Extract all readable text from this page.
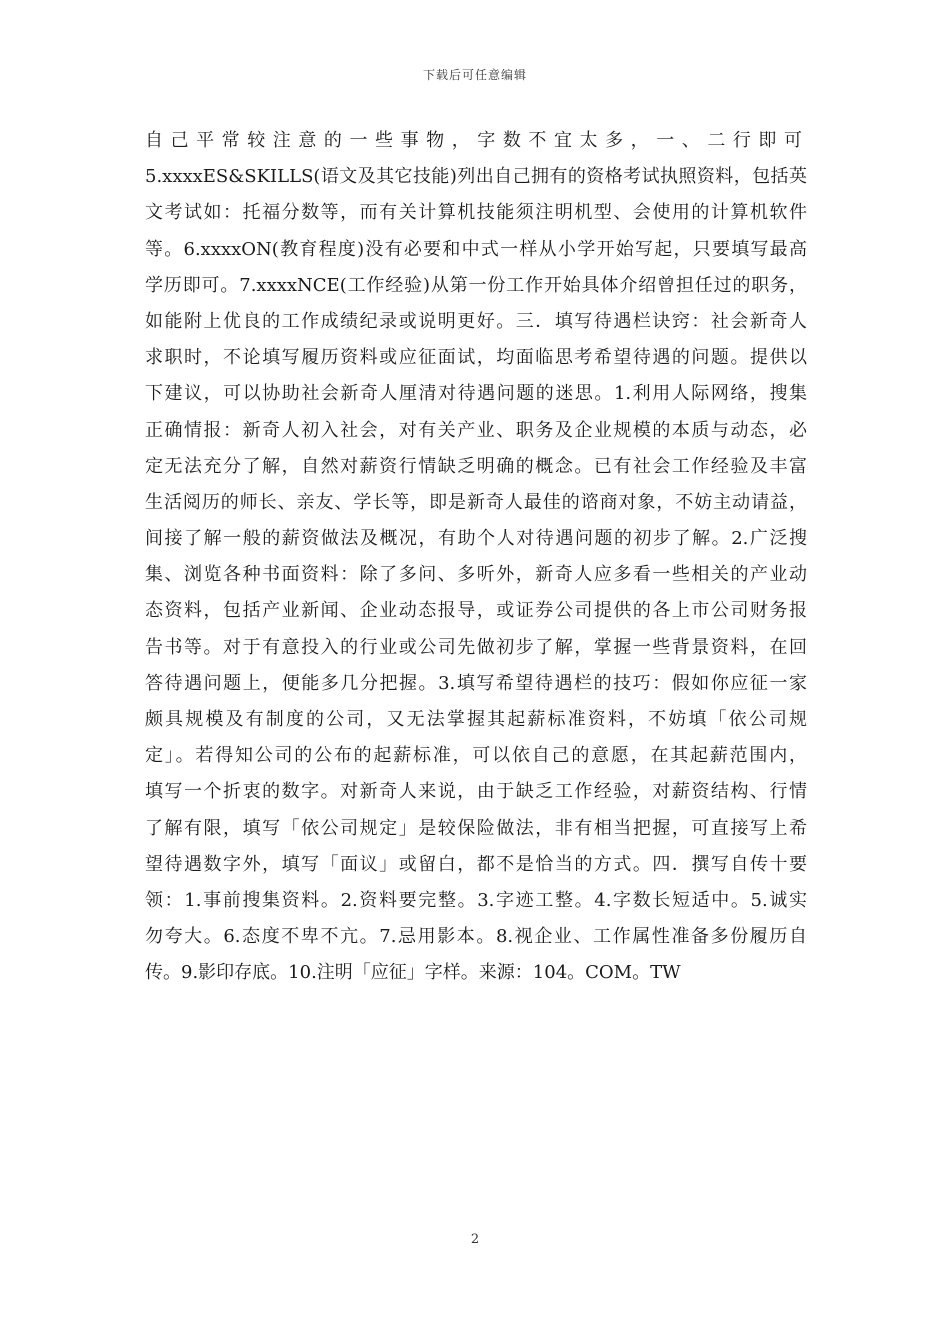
下载后可任意编辑
自己平常较注意的一些事物，字数不宜太多，一、二行即可
5.xxxxES&SKILLS(语文及其它技能)列出自己拥有的资格考试执照资料，包括英
文考试如：托福分数等，而有关计算机技能须注明机型、会使用的计算机软件
等。6.xxxxON(教育程度)没有必要和中式一样从小学开始写起，只要填写最高
学历即可。7.xxxxNCE(工作经验)从第一份工作开始具体介绍曾担任过的职务，
如能附上优良的工作成绩纪录或说明更好。三．填写待遇栏诀窍：社会新奇人
求职时，不论填写履历资料或应征面试，均面临思考希望待遇的问题。提供以
下建议，可以协助社会新奇人厘清对待遇问题的迷思。1.利用人际网络，搜集
正确情报：新奇人初入社会，对有关产业、职务及企业规模的本质与动态，必
定无法充分了解，自然对薪资行情缺乏明确的概念。已有社会工作经验及丰富
生活阅历的师长、亲友、学长等，即是新奇人最佳的谘商对象，不妨主动请益，
间接了解一般的薪资做法及概况，有助个人对待遇问题的初步了解。2.广泛搜
集、浏览各种书面资料：除了多问、多听外，新奇人应多看一些相关的产业动
态资料，包括产业新闻、企业动态报导，或证券公司提供的各上市公司财务报
告书等。对于有意投入的行业或公司先做初步了解，掌握一些背景资料，在回
答待遇问题上，便能多几分把握。3.填写希望待遇栏的技巧：假如你应征一家
颇具规模及有制度的公司，又无法掌握其起薪标准资料，不妨填「依公司规
定」。若得知公司的公布的起薪标准，可以依自己的意愿，在其起薪范围内，
填写一个折衷的数字。对新奇人来说，由于缺乏工作经验，对薪资结构、行情
了解有限，填写「依公司规定」是较保险做法，非有相当把握，可直接写上希
望待遇数字外，填写「面议」或留白，都不是恰当的方式。四．撰写自传十要
领：1.事前搜集资料。2.资料要完整。3.字迹工整。4.字数长短适中。5.诚实
勿夸大。6.态度不卑不亢。7.忌用影本。8.视企业、工作属性准备多份履历自
传。9.影印存底。10.注明「应征」字样。来源：104。COM。TW
2
